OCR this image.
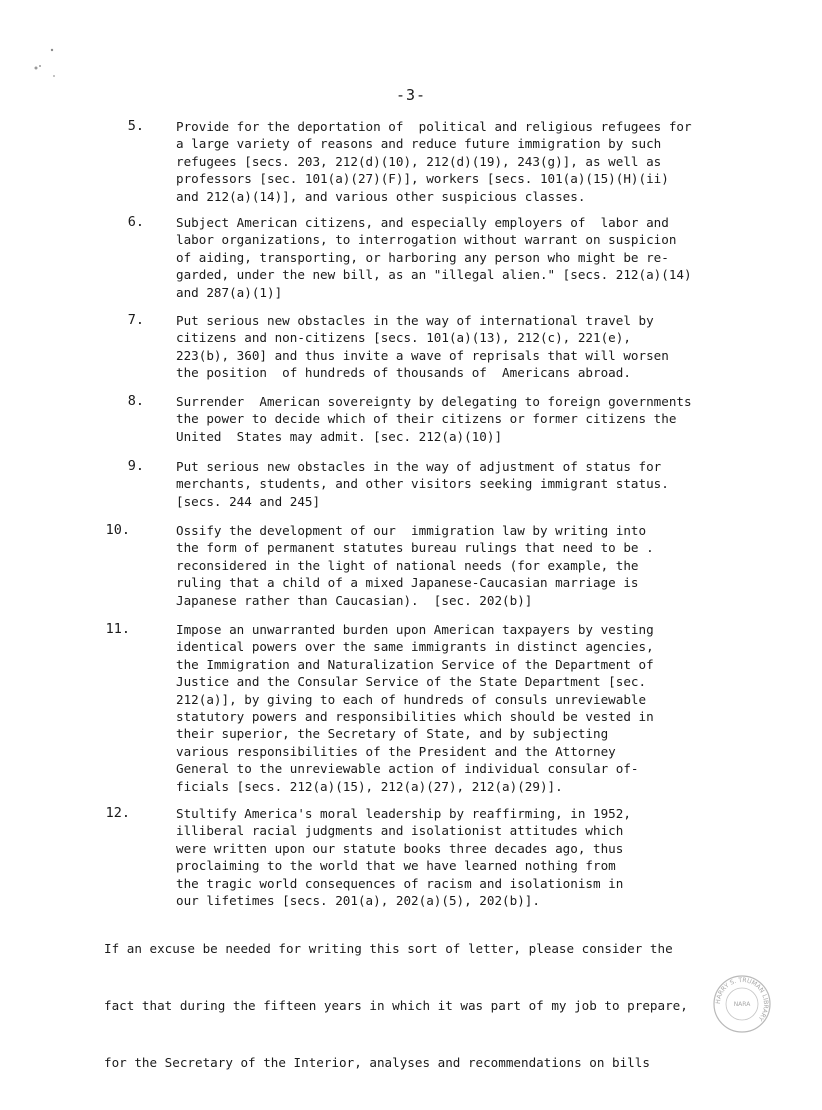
-3-
5.	Provide for the deportation of  political and religious refugees for
a large variety of reasons and reduce future immigration by such
refugees [secs. 203, 212(d)(10), 212(d)(19), 243(g)], as well as
professors [sec. 101(a)(27)(F)], workers [secs. 101(a)(15)(H)(ii)
and 212(a)(14)], and various other suspicious classes.
6.	Subject American citizens, and especially employers of  labor and
labor organizations, to interrogation without warrant on suspicion
of aiding, transporting, or harboring any person who might be re-
garded, under the new bill, as an "illegal alien." [secs. 212(a)(14)
and 287(a)(1)]
7.	Put serious new obstacles in the way of international travel by
citizens and non-citizens [secs. 101(a)(13), 212(c), 221(e),
223(b), 360] and thus invite a wave of reprisals that will worsen
the position  of hundreds of thousands of  Americans abroad.
8.	Surrender  American sovereignty by delegating to foreign governments
the power to decide which of their citizens or former citizens the
United  States may admit. [sec. 212(a)(10)]
9.	Put serious new obstacles in the way of adjustment of status for
merchants, students, and other visitors seeking immigrant status.
[secs. 244 and 245]
10.	Ossify the development of our  immigration law by writing into
the form of permanent statutes bureau rulings that need to be .
reconsidered in the light of national needs (for example, the
ruling that a child of a mixed Japanese-Caucasian marriage is
Japanese rather than Caucasian).  [sec. 202(b)]
11.	Impose an unwarranted burden upon American taxpayers by vesting
identical powers over the same immigrants in distinct agencies,
the Immigration and Naturalization Service of the Department of
Justice and the Consular Service of the State Department [sec.
212(a)], by giving to each of hundreds of consuls unreviewable
statutory powers and responsibilities which should be vested in
their superior, the Secretary of State, and by subjecting
various responsibilities of the President and the Attorney
General to the unreviewable action of individual consular of-
ficials [secs. 212(a)(15), 212(a)(27), 212(a)(29)].
12.	Stultify America's moral leadership by reaffirming, in 1952,
illiberal racial judgments and isolationist attitudes which
were written upon our statute books three decades ago, thus
proclaiming to the world that we have learned nothing from
the tragic world consequences of racism and isolationism in
our lifetimes [secs. 201(a), 202(a)(5), 202(b)].

If an excuse be needed for writing this sort of letter, please consider the

fact that during the fifteen years in which it was part of my job to prepare,

for the Secretary of the Interior, analyses and recommendations on bills

HARRY S. TRUMAN LIBRARY
NARA
